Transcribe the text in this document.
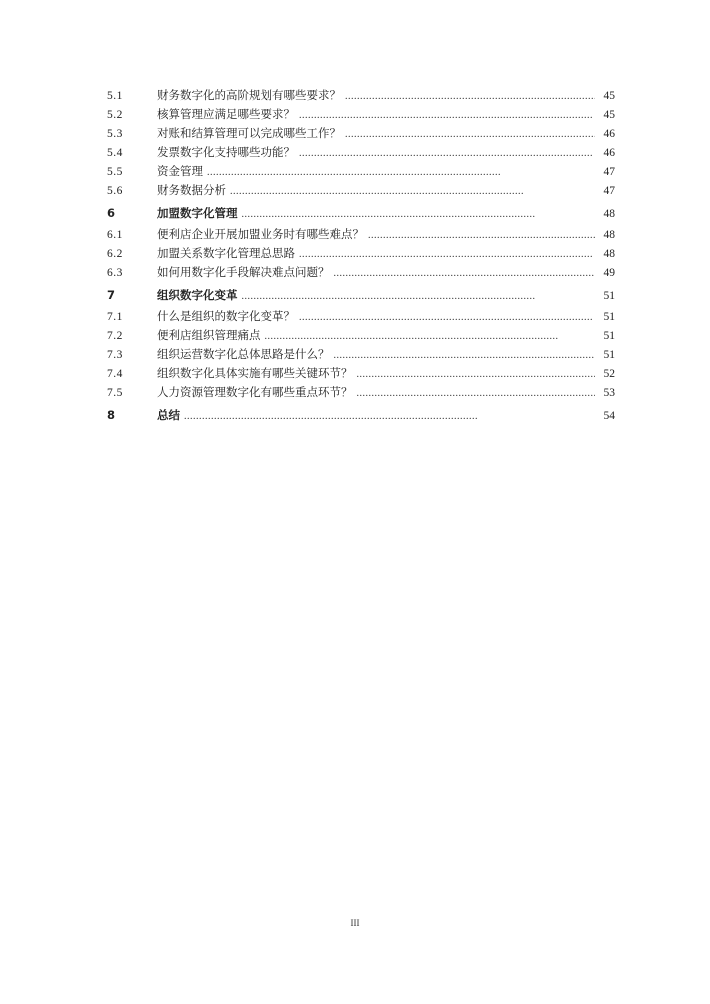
5.1	财务数字化的高阶规划有哪些要求？ . . .	45
5.2	核算管理应满足哪些要求？ . . .	45
5.3	对账和结算管理可以完成哪些工作？ . . .	46
5.4	发票数字化支持哪些功能？ . . .	46
5.5	资金管理 . . .	47
5.6	财务数据分析 . . .	47
6	加盟数字化管理 . . .	48
6.1	便利店企业开展加盟业务时有哪些难点？ . . .	48
6.2	加盟关系数字化管理总思路 . . .	48
6.3	如何用数字化手段解决难点问题？ . . .	49
7	组织数字化变革 . . .	51
7.1	什么是组织的数字化变革？ . . .	51
7.2	便利店组织管理痛点 . . .	51
7.3	组织运营数字化总体思路是什么？ . . .	51
7.4	组织数字化具体实施有哪些关键环节？ . . .	52
7.5	人力资源管理数字化有哪些重点环节？ . . .	53
8	总结 . . .	54
III
